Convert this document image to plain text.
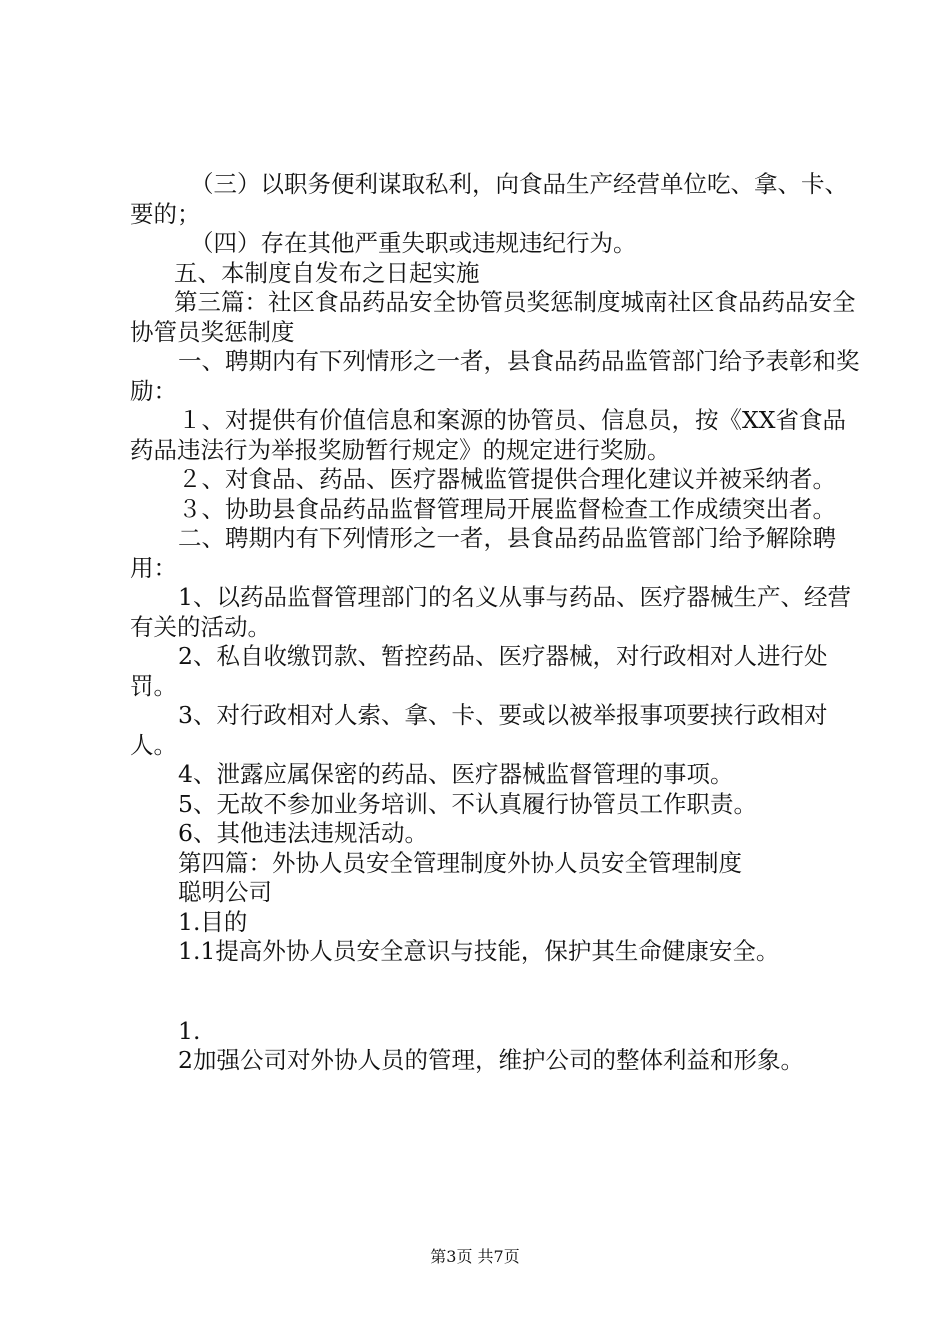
（三）以职务便利谋取私利，向食品生产经营单位吃、拿、卡、要的；

（四）存在其他严重失职或违规违纪行为。

五、本制度自发布之日起实施

第三篇：社区食品药品安全协管员奖惩制度城南社区食品药品安全协管员奖惩制度

一、聘期内有下列情形之一者，县食品药品监管部门给予表彰和奖励：

１、对提供有价值信息和案源的协管员、信息员，按《XX省食品药品违法行为举报奖励暂行规定》的规定进行奖励。

２、对食品、药品、医疗器械监管提供合理化建议并被采纳者。

３、协助县食品药品监督管理局开展监督检查工作成绩突出者。

二、聘期内有下列情形之一者，县食品药品监管部门给予解除聘用：

1、以药品监督管理部门的名义从事与药品、医疗器械生产、经营有关的活动。

2、私自收缴罚款、暂控药品、医疗器械，对行政相对人进行处罚。

3、对行政相对人索、拿、卡、要或以被举报事项要挟行政相对人。

4、泄露应属保密的药品、医疗器械监督管理的事项。

5、无故不参加业务培训、不认真履行协管员工作职责。

6、其他违法违规活动。

第四篇：外协人员安全管理制度外协人员安全管理制度

聪明公司

1.目的

1.1提高外协人员安全意识与技能，保护其生命健康安全。

1.

2加强公司对外协人员的管理，维护公司的整体利益和形象。

第3页 共7页
